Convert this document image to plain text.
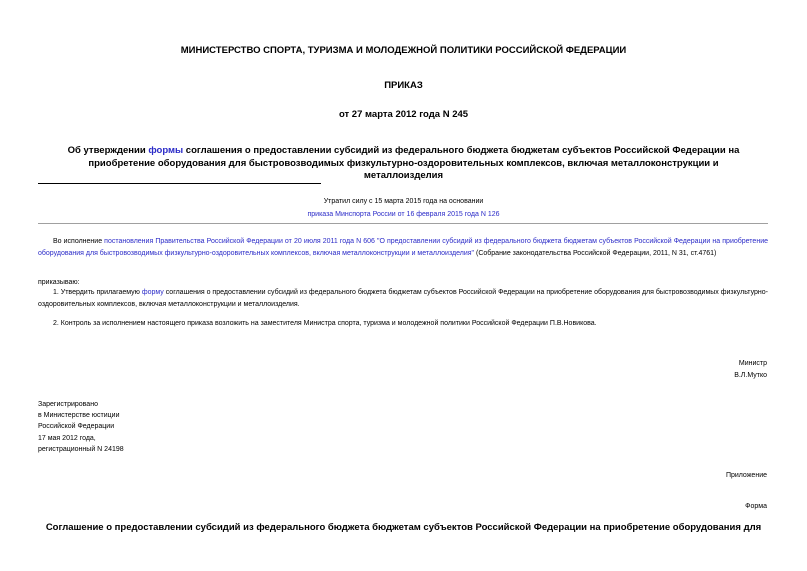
МИНИСТЕРСТВО СПОРТА, ТУРИЗМА И МОЛОДЕЖНОЙ ПОЛИТИКИ РОССИЙСКОЙ ФЕДЕРАЦИИ
ПРИКАЗ
от 27 марта 2012 года N 245
Об утверждении формы соглашения о предоставлении субсидий из федерального бюджета бюджетам субъектов Российской Федерации на приобретение оборудования для быстровозводимых физкультурно-оздоровительных комплексов, включая металлоконструкции и металлоизделия
Утратил силу с 15 марта 2015 года на основании
приказа Минспорта России от 16 февраля 2015 года N 126
Во исполнение постановления Правительства Российской Федерации от 20 июля 2011 года N 606 "О предоставлении субсидий из федерального бюджета бюджетам субъектов Российской Федерации на приобретение оборудования для быстровозводимых физкультурно-оздоровительных комплексов, включая металлоконструкции и металлоизделия" (Собрание законодательства Российской Федерации, 2011, N 31, ст.4761)
приказываю:
1. Утвердить прилагаемую форму соглашения о предоставлении субсидий из федерального бюджета бюджетам субъектов Российской Федерации на приобретение оборудования для быстровозводимых физкультурно-оздоровительных комплексов, включая металлоконструкции и металлоизделия.
2. Контроль за исполнением настоящего приказа возложить на заместителя Министра спорта, туризма и молодежной политики Российской Федерации П.В.Новикова.
Министр
В.Л.Мутко
Зарегистрировано
в Министерстве юстиции
Российской Федерации
17 мая 2012 года,
регистрационный N 24198
Приложение
Форма
Соглашение о предоставлении субсидий из федерального бюджета бюджетам субъектов Российской Федерации на приобретение оборудования для
